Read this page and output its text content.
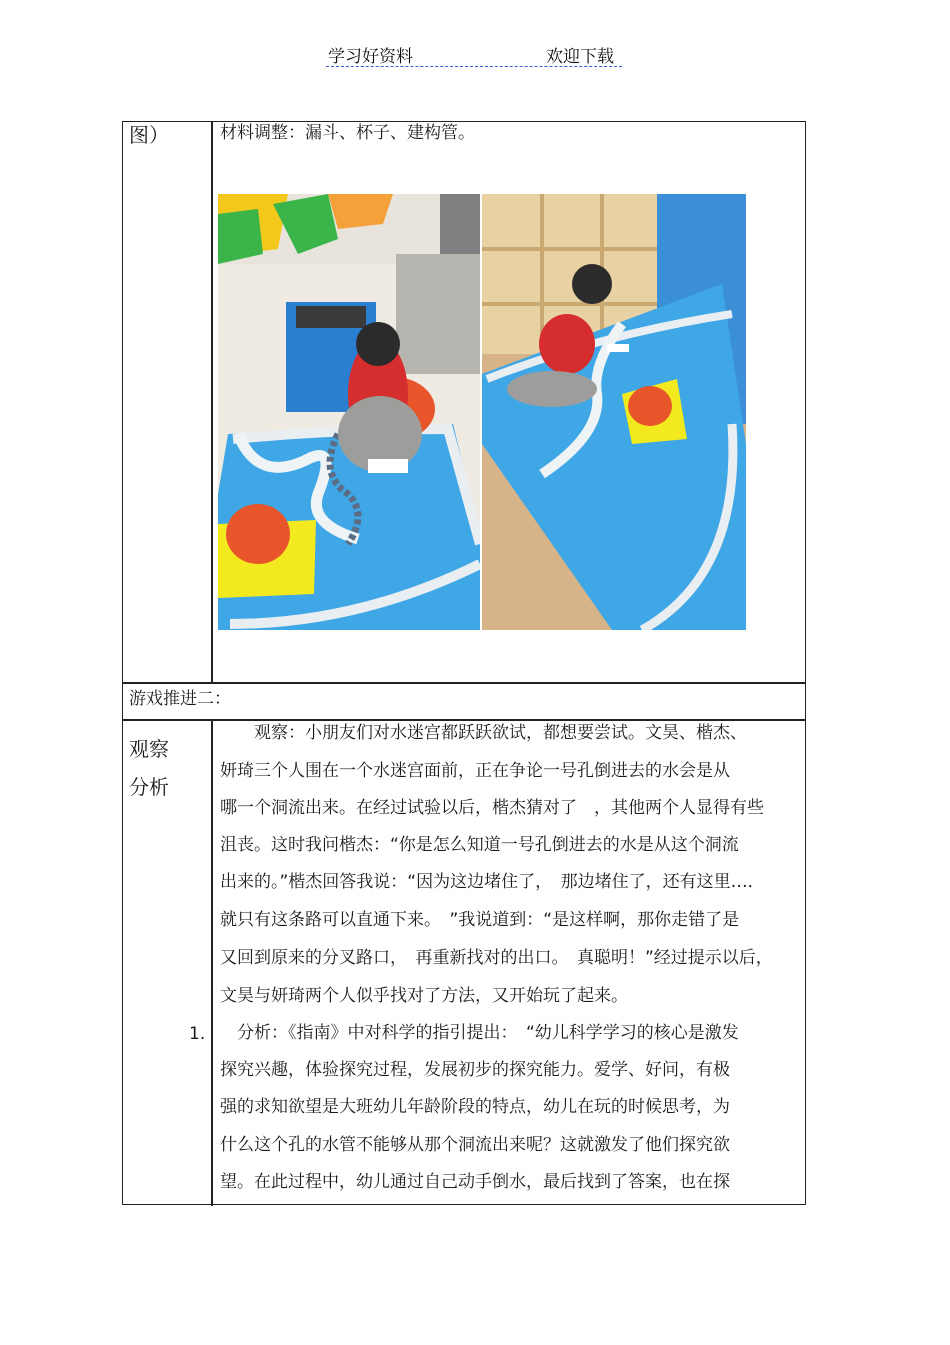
学习好资料	欢迎下载
图）	材料调整：漏斗、杯子、建构管。
游戏推进二：
观察
分析
1.
　　观察：小朋友们对水迷宫都跃跃欲试，都想要尝试。文昊、楷杰、
妍琦三个人围在一个水迷宫面前，正在争论一号孔倒进去的水会是从
哪一个洞流出来。在经过试验以后，楷杰猜对了　，其他两个人显得有些
沮丧。这时我问楷杰：“你是怎么知道一号孔倒进去的水是从这个洞流
出来的。”楷杰回答我说：“因为这边堵住了，　那边堵住了，还有这里…．
就只有这条路可以直通下来。　”我说道到：“是这样啊，那你走错了是
又回到原来的分叉路口，　再重新找对的出口。　真聪明！”经过提示以后，
文昊与妍琦两个人似乎找对了方法，又开始玩了起来。
　分析：《指南》中对科学的指引提出：　“幼儿科学学习的核心是激发
探究兴趣，体验探究过程，发展初步的探究能力。爱学、好问，有极
强的求知欲望是大班幼儿年龄阶段的特点，幼儿在玩的时候思考，为
什么这个孔的水管不能够从那个洞流出来呢？这就激发了他们探究欲
望。在此过程中，幼儿通过自己动手倒水，最后找到了答案，也在探
